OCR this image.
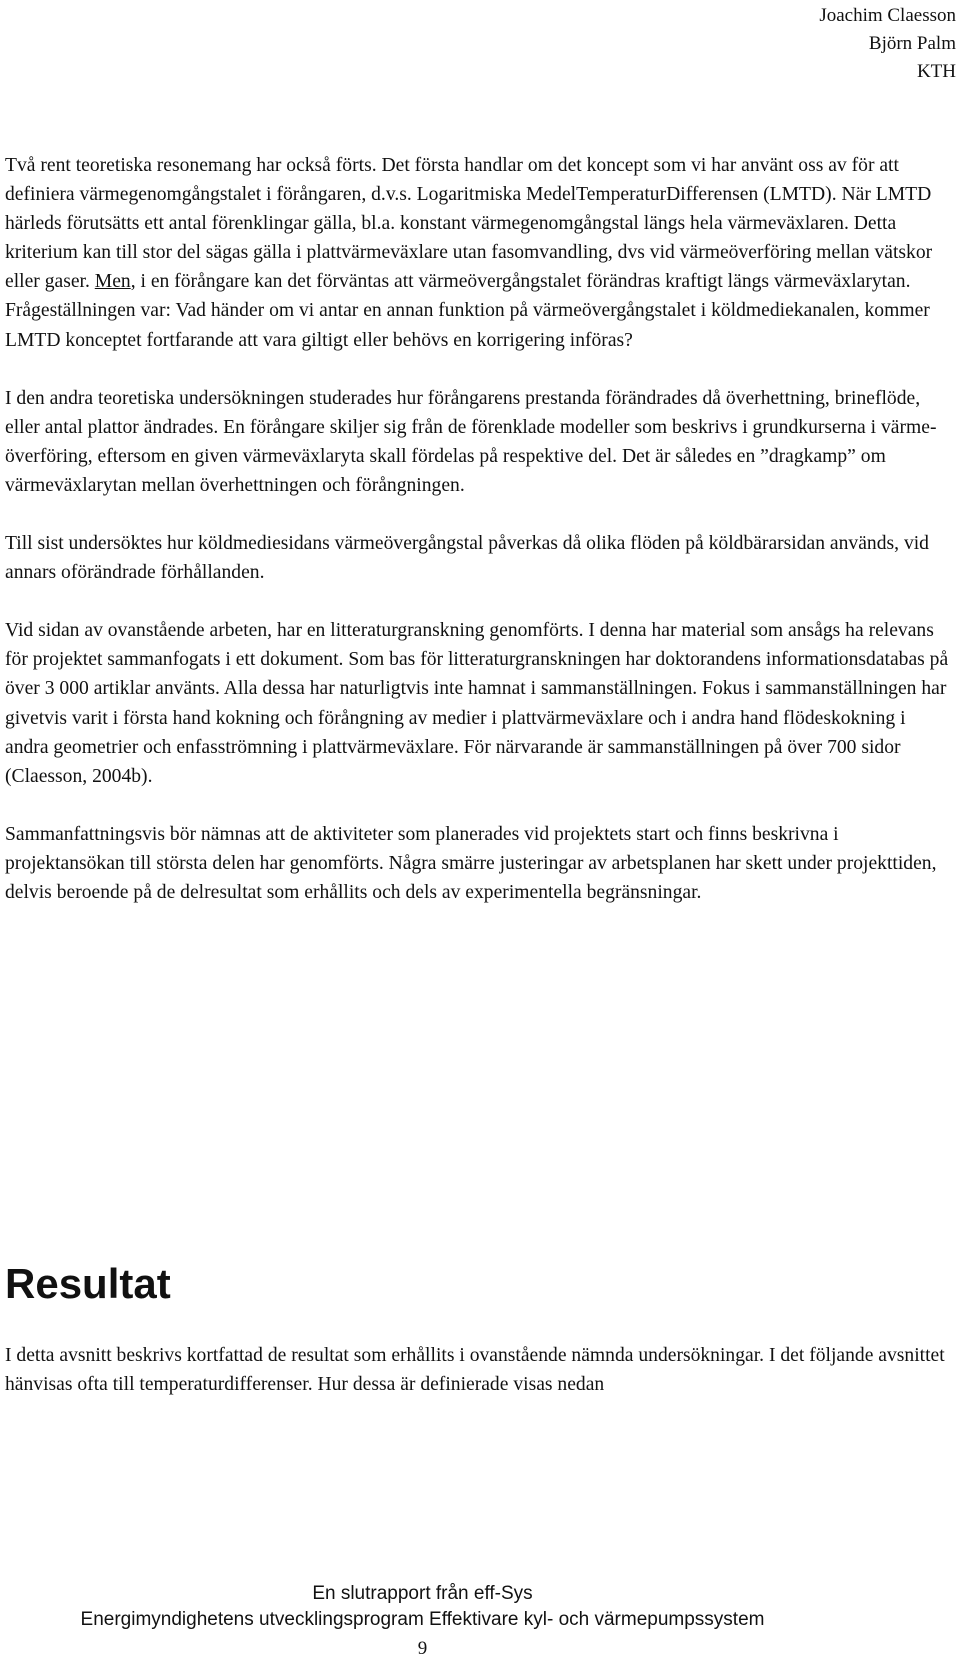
Joachim Claesson
Björn Palm
KTH

Två rent teoretiska resonemang har också förts. Det första handlar om det koncept som vi har använt oss av för att definiera värmegenomgångstalet i förångaren, d.v.s. Logaritmiska MedelTemperaturDifferensen (LMTD). När LMTD härleds förutsätts ett antal förenklingar gälla, bl.a. konstant värmegenomgångstal längs hela värmeväxlaren. Detta kriterium kan till stor del sägas gälla i plattvärmeväxlare utan fasomvandling, dvs vid värmeöverföring mellan vätskor eller gaser. Men, i en förångare kan det förväntas att värmeövergångstalet förändras kraftigt längs värmeväxlarytan. Frågeställningen var: Vad händer om vi antar en annan funktion på värmeövergångstalet i köldmediekanalen, kommer LMTD konceptet fortfarande att vara giltigt eller behövs en korrigering införas?

I den andra teoretiska undersökningen studerades hur förångarens prestanda förändrades då överhettning, brineflöde, eller antal plattor ändrades. En förångare skiljer sig från de förenklade modeller som beskrivs i grundkurserna i värmeöverföring, eftersom en given värmeväxlaryta skall fördelas på respektive del. Det är således en ”dragkamp” om värmeväxlarytan mellan överhettningen och förångningen.

Till sist undersöktes hur köldmediesidans värmeövergångstal påverkas då olika flöden på köldbärarsidan används, vid annars oförändrade förhållanden.

Vid sidan av ovanstående arbeten, har en litteraturgranskning genomförts. I denna har material som ansågs ha relevans för projektet sammanfogats i ett dokument. Som bas för litteraturgranskningen har doktorandens informationsdatabas på över 3 000 artiklar använts. Alla dessa har naturligtvis inte hamnat i sammanställningen. Fokus i sammanställningen har givetvis varit i första hand kokning och förångning av medier i plattvärmeväxlare och i andra hand flödeskokning i andra geometrier och enfasströmning i plattvärmeväxlare. För närvarande är sammanställningen på över 700 sidor (Claesson, 2004b).

Sammanfattningsvis bör nämnas att de aktiviteter som planerades vid projektets start och finns beskrivna i projektansökan till största delen har genomförts. Några smärre justeringar av arbetsplanen har skett under projekttiden, delvis beroende på de delresultat som erhållits och dels av experimentella begränsningar.

Resultat

I detta avsnitt beskrivs kortfattad de resultat som erhållits i ovanstående nämnda undersökningar. I det följande avsnittet hänvisas ofta till temperaturdifferenser. Hur dessa är definierade visas nedan

En slutrapport från eff-Sys
Energimyndighetens utvecklingsprogram Effektivare kyl- och värmepumpssystem
9
